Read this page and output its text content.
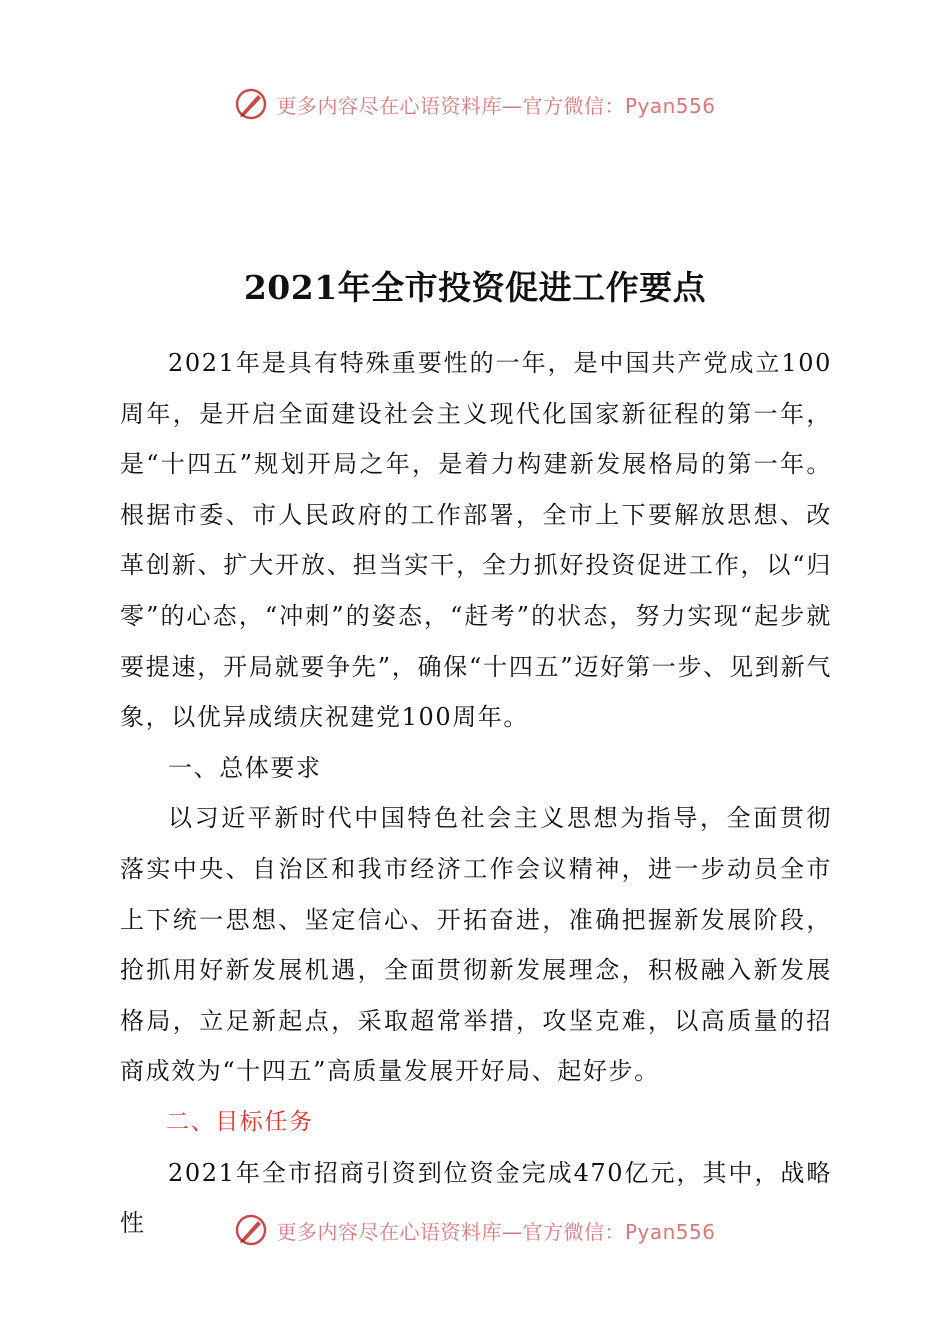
更多内容尽在心语资料库—官方微信：Pyan556
2021年全市投资促进工作要点

2021年是具有特殊重要性的一年，是中国共产党成立100周年，是开启全面建设社会主义现代化国家新征程的第一年，是“十四五”规划开局之年，是着力构建新发展格局的第一年。根据市委、市人民政府的工作部署，全市上下要解放思想、改革创新、扩大开放、担当实干，全力抓好投资促进工作，以“归零”的心态，“冲刺”的姿态，“赶考”的状态，努力实现“起步就要提速，开局就要争先”，确保“十四五”迈好第一步、见到新气象，以优异成绩庆祝建党100周年。

一、总体要求

以习近平新时代中国特色社会主义思想为指导，全面贯彻落实中央、自治区和我市经济工作会议精神，进一步动员全市上下统一思想、坚定信心、开拓奋进，准确把握新发展阶段，抢抓用好新发展机遇，全面贯彻新发展理念，积极融入新发展格局，立足新起点，采取超常举措，攻坚克难，以高质量的招商成效为“十四五”高质量发展开好局、起好步。

二、目标任务

2021年全市招商引资到位资金完成470亿元，其中，战略性	更多内容尽在心语资料库—官方微信：Pyan556
